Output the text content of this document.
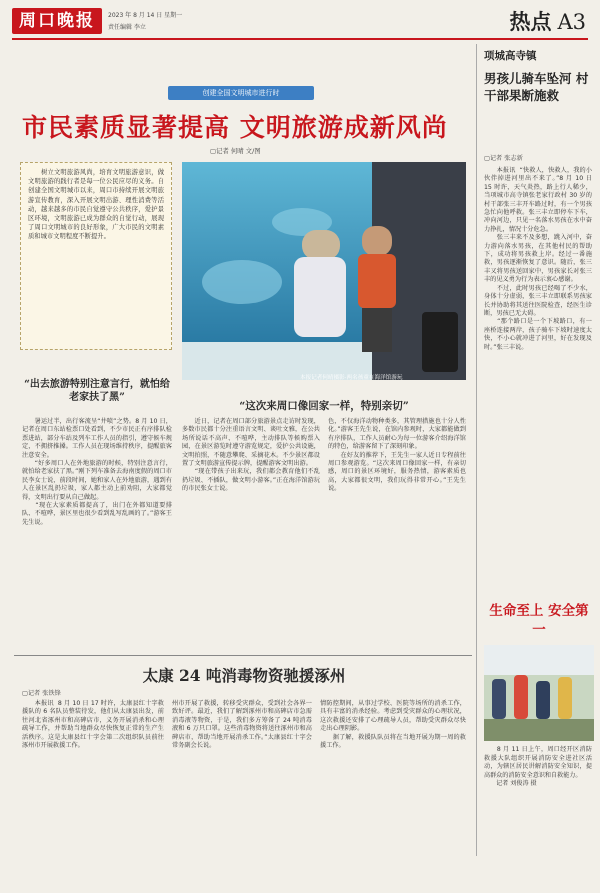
周口晚报	2023 年 8 月 14 日 星期一
责任编辑 李立	热点 A3
创建全国文明城市进行时
市民素质显著提高 文明旅游成新风尚
▢记者 何晴 文/图
　　树立文明旅游风尚，培育文明旅游意识，做文明旅游的践行者是每一位公民应尽的义务。自创建全国文明城市以来，周口市持续开展文明旅游宣传教育，深入开展文明出游、理性消费等活动，越来越多的市民自觉遵守公共秩序，爱护景区环境，文明旅游已成为群众的自觉行动，展现了周口文明城市的良好形象，广大市民的文明素质和城市文明程度不断提升。
本报记者何晴摄影·两名孩童在海洋馆游玩
“出去旅游特别注意言行，就怕给老家扶了黑”
“这次来周口像回家一样，特别亲切”
　　暑运过半，出行客流呈“井喷”之势。8 月 10 日，记者在周口东站检票口处看到，不少市民正有序排队检票进站，部分车站及列车工作人员的指引，遵守候车规定，不拥挤推搡。工作人员在现场维持秩序，提醒旅客注意安全。
　　“好多周口人在外地旅游的时候，特别注意言行，就怕给老家扶了黑。”刚下列车准备去海南度假的周口市民李女士说，前段时间，她和家人在外地旅游，遇到有人在景区乱扔垃圾，家人都主动上前劝阻，大家都觉得，文明出行要从自己做起。
　　“现在大家素质都提高了，出门在外都知道要排队、不喧哗，景区里也很少看到乱写乱画的了。”游客王先生说。
　　近日，记者在周口部分旅游景点走访时发现，多数市民都十分注重语言文明、谈吐文雅，在公共场所说话不高声、不喧哗，主动排队等候购票入园，在景区游览时遵守游览规定，爱护公共设施，文明拍照，不随意攀爬、采摘花木。不少景区都设置了文明旅游宣传提示牌，提醒游客文明出游。
　　“现在带孩子出来玩，我们都会教育他们不乱扔垃圾、不插队，做文明小游客。”正在海洋馆游玩的市民张女士说。
色，不仅海洋动物种类多，其管理措施也十分人性化。”游客王先生说，在馆内参观时，大家都能做到有序排队，工作人员耐心为每一位游客介绍海洋馆的特色，给游客留下了深刻印象。
　　在好友的推荐下，王先生一家人近日专程前往周口参观游览。“这次来周口像回家一样，有亲切感，周口的景区环境好，服务热情，游客素质也高，大家都很文明，我们玩得非常开心。”王先生说。
项城高寺镇
男孩儿骑车坠河 村干部果断施救
▢记者 张志新
　　本报讯  “快救人，快救人，我的小伙伴掉进河里出不来了。”8 月 10 日 15 时许，天气炎热，路上行人稀少，当项城市高寺镇张老家行政村 30 岁的村干部张三丰开车路过时，有一个男孩急忙向他呼救。张三丰立即停车下车，冲向河边，只见一名落水男孩在水中奋力挣扎，情况十分危急。
　　张三丰来不及多想，跳入河中，奋力游向落水男孩，在其他村民的帮助下，成功将男孩救上岸。经过一番施救，男孩逐渐恢复了意识。随后，张三丰又将男孩送回家中，男孩家长对张三丰的见义勇为行为表示衷心感谢。
　　不过，此时男孩已经喝了不少水，身体十分虚弱，张三丰立即联系男孩家长并协助将其送往医院检查，经医生诊断，男孩已无大碍。
　　“那个路口是一个下坡路口，有一座桥连接两岸，孩子骑车下坡时速度太快，不小心就冲进了河里，好在发现及时。”张三丰说。
生命至上 安全第一
　　8 月 11 日上午，周口经开区消防救援大队组织开展消防安全进社区活动，为辖区居民讲解消防安全知识，提高群众的消防安全意识和自救能力。
　　记者 刘俊涛 摄
太康 24 吨消毒物资驰援涿州
▢记者 张铁锋
　　本报讯  8 月 10 日 17 时许，太康县红十字救援队的 6 名队员整装待发，他们从太康县出发，前往河北省涿州市和高碑店市，义务开展消杀和心理疏导工作，并帮助当地群众尽快恢复正常的生产生活秩序。这是太康县红十字会第二次组织队员前往涿州市开展救援工作。
州市开展了救援，转移受灾群众，受到社会各界一致好评。最近，我们了解到涿州市和高碑店市急需消毒液等物资，于是，我们多方筹备了 24 吨消毒液和 6 万只口罩。这些消毒物资将送往涿州市和高碑店市，帮助当地开展消杀工作。”太康县红十字会常务副会长说。
情防控期间，从事过学校、医院等场所的消杀工作，具有丰富的消杀经验。考虑到受灾群众的心理状况，这次救援还安排了心理疏导人员，帮助受灾群众尽快走出心理阴影。
　　据了解，救援队队员将在当地开展为期一周的救援工作。
